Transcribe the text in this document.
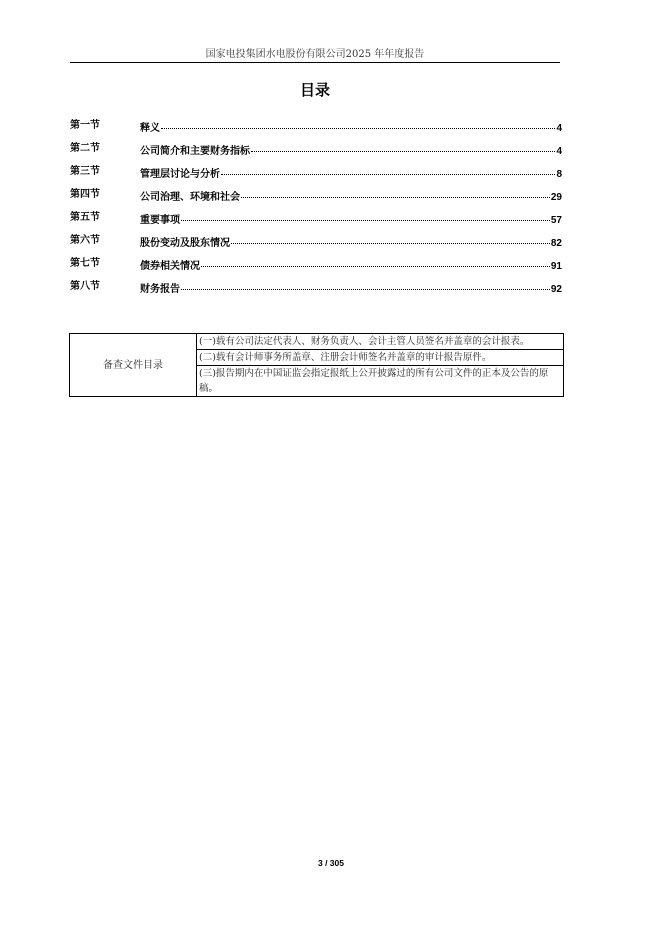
国家电投集团水电股份有限公司2025 年年度报告
目录
第一节	释义	4
第二节	公司简介和主要财务指标	4
第三节	管理层讨论与分析	8
第四节	公司治理、环境和社会	29
第五节	重要事项	57
第六节	股份变动及股东情况	82
第七节	债券相关情况	91
第八节	财务报告	92
备查文件目录	(一)载有公司法定代表人、财务负责人、会计主管人员签名并盖章的会计报表。
(二)载有会计师事务所盖章、注册会计师签名并盖章的审计报告原件。
(三)报告期内在中国证监会指定报纸上公开披露过的所有公司文件的正本及公告的原稿。
3 / 305
